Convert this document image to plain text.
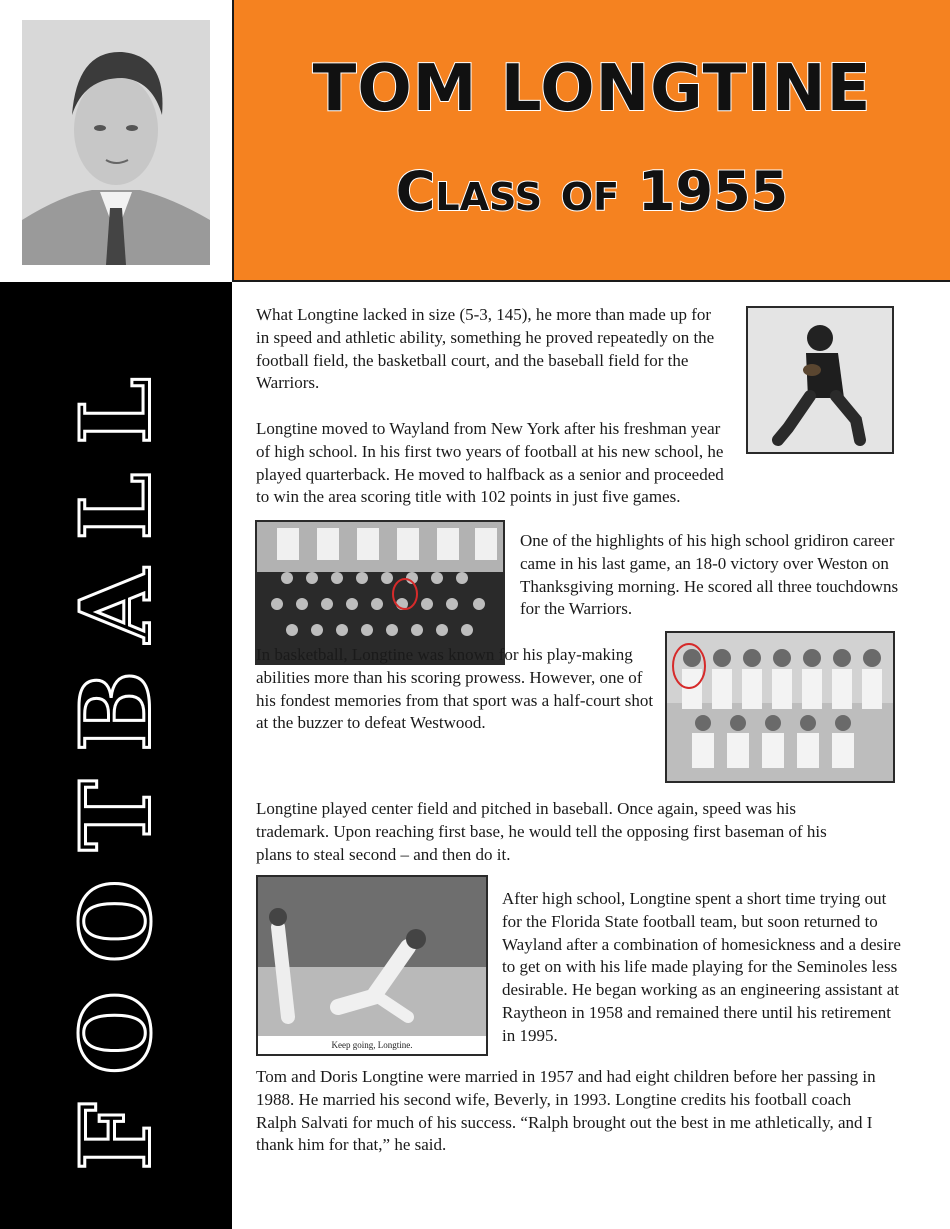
TOM LONGTINE
Class of 1955
FOOTBALL

What Longtine lacked in size (5-3, 145), he more than made up for in speed and athletic ability, something he proved repeatedly on the football field, the basketball court, and the baseball field for the Warriors.

Longtine moved to Wayland from New York after his freshman year of high school. In his first two years of football at his new school, he played quarterback. He moved to halfback as a senior and proceeded to win the area scoring title with 102 points in just five games.

One of the highlights of his high school gridiron career came in his last game, an 18-0 victory over Weston on Thanksgiving morning. He scored all three touchdowns for the Warriors.

In basketball, Longtine was known for his play-making abilities more than his scoring prowess. However, one of his fondest memories from that sport was a half-court shot at the buzzer to defeat Westwood.

Longtine played center field and pitched in baseball. Once again, speed was his trademark. Upon reaching first base, he would tell the opposing first baseman of his plans to steal second – and then do it.

Keep going, Longtine.

After high school, Longtine spent a short time trying out for the Florida State football team, but soon returned to Wayland after a combination of homesickness and a desire to get on with his life made playing for the Seminoles less desirable. He began working as an engineering assistant at Raytheon in 1958 and remained there until his retirement in 1995.

Tom and Doris Longtine were married in 1957 and had eight children before her passing in 1988. He married his second wife, Beverly, in 1993. Longtine credits his football coach Ralph Salvati for much of his success. “Ralph brought out the best in me athletically, and I thank him for that,” he said.
